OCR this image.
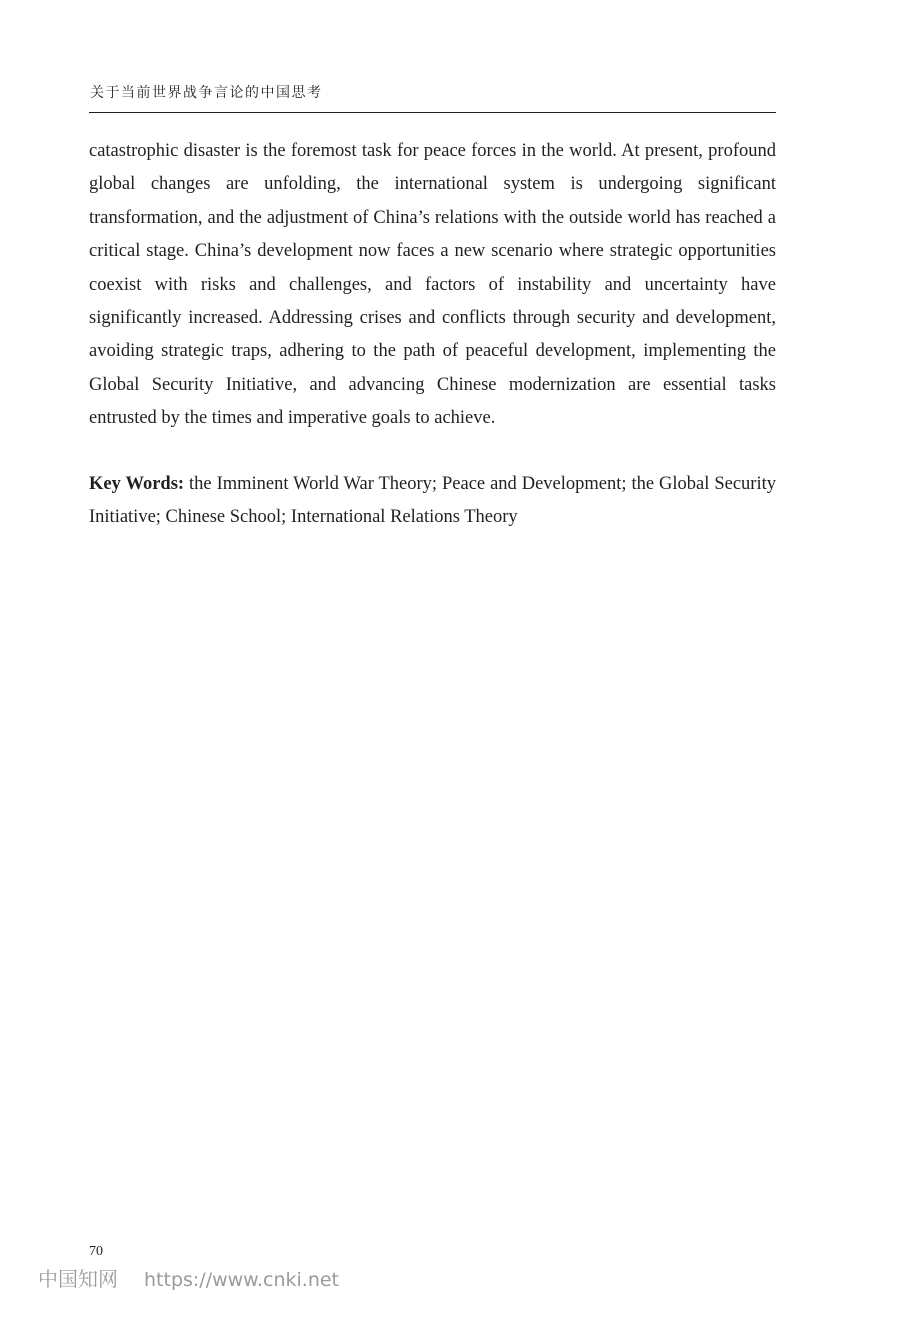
关于当前世界战争言论的中国思考

catastrophic disaster is the foremost task for peace forces in the world. At present, profound global changes are unfolding, the international system is undergoing significant transformation, and the adjustment of China’s relations with the outside world has reached a critical stage. China’s development now faces a new scenario where strategic opportunities coexist with risks and challenges, and factors of instability and uncertainty have significantly increased. Addressing crises and conflicts through security and development, avoiding strategic traps, adhering to the path of peaceful development, implementing the Global Security Initiative, and advancing Chinese modernization are essential tasks entrusted by the times and imperative goals to achieve.

Key Words: the Imminent World War Theory; Peace and Development; the Global Security Initiative; Chinese School; International Relations Theory

70
中国知网 https://www.cnki.net
